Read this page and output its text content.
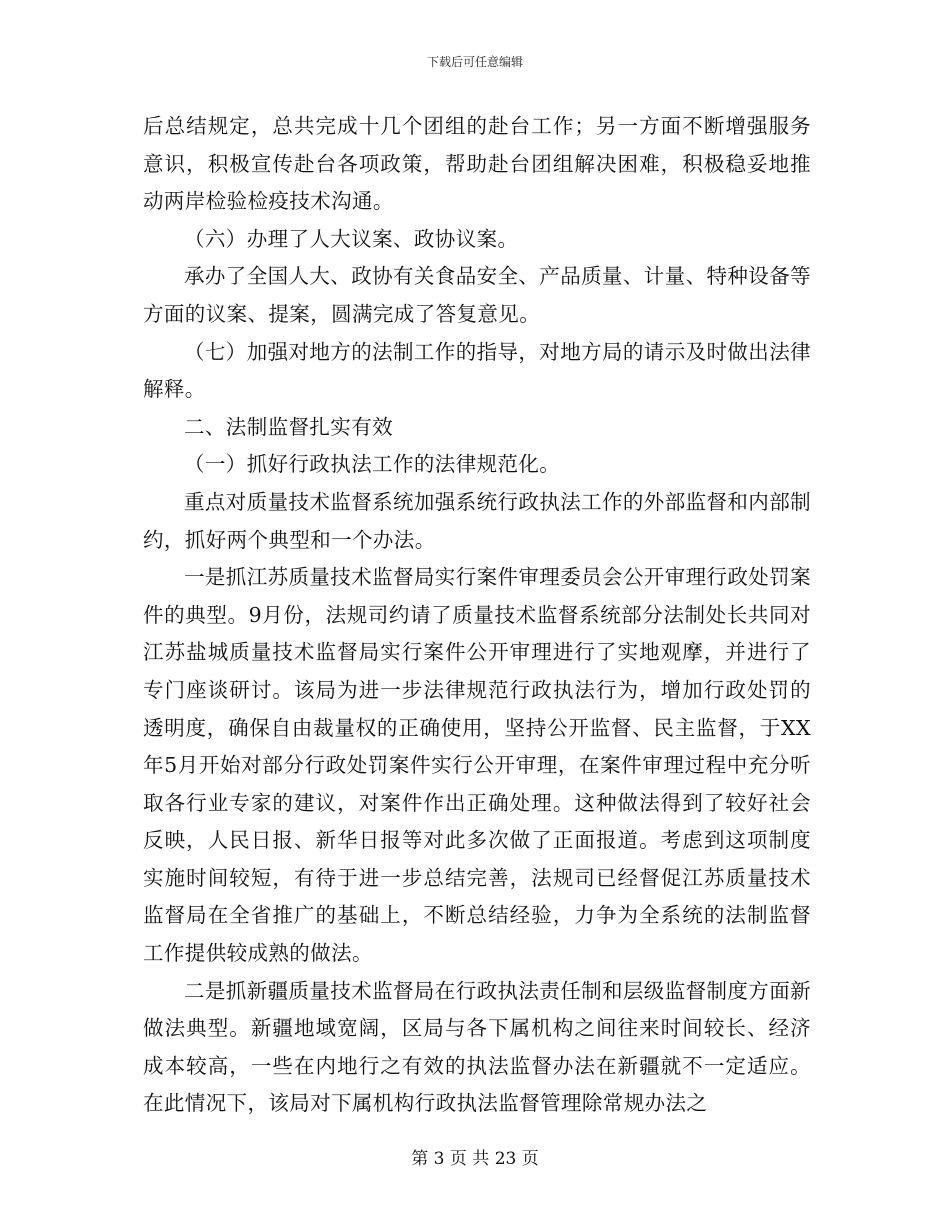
下载后可任意编辑

后总结规定，总共完成十几个团组的赴台工作；另一方面不断增强服务意识，积极宣传赴台各项政策，帮助赴台团组解决困难，积极稳妥地推动两岸检验检疫技术沟通。

（六）办理了人大议案、政协议案。

承办了全国人大、政协有关食品安全、产品质量、计量、特种设备等方面的议案、提案，圆满完成了答复意见。

（七）加强对地方的法制工作的指导，对地方局的请示及时做出法律解释。

二、法制监督扎实有效

（一）抓好行政执法工作的法律规范化。

重点对质量技术监督系统加强系统行政执法工作的外部监督和内部制约，抓好两个典型和一个办法。

一是抓江苏质量技术监督局实行案件审理委员会公开审理行政处罚案件的典型。9月份，法规司约请了质量技术监督系统部分法制处长共同对江苏盐城质量技术监督局实行案件公开审理进行了实地观摩，并进行了专门座谈研讨。该局为进一步法律规范行政执法行为，增加行政处罚的透明度，确保自由裁量权的正确使用，坚持公开监督、民主监督，于XX年5月开始对部分行政处罚案件实行公开审理，在案件审理过程中充分听取各行业专家的建议，对案件作出正确处理。这种做法得到了较好社会反映，人民日报、新华日报等对此多次做了正面报道。考虑到这项制度实施时间较短，有待于进一步总结完善，法规司已经督促江苏质量技术监督局在全省推广的基础上，不断总结经验，力争为全系统的法制监督工作提供较成熟的做法。

二是抓新疆质量技术监督局在行政执法责任制和层级监督制度方面新做法典型。新疆地域宽阔，区局与各下属机构之间往来时间较长、经济成本较高，一些在内地行之有效的执法监督办法在新疆就不一定适应。在此情况下，该局对下属机构行政执法监督管理除常规办法之

第 3 页 共 23 页
